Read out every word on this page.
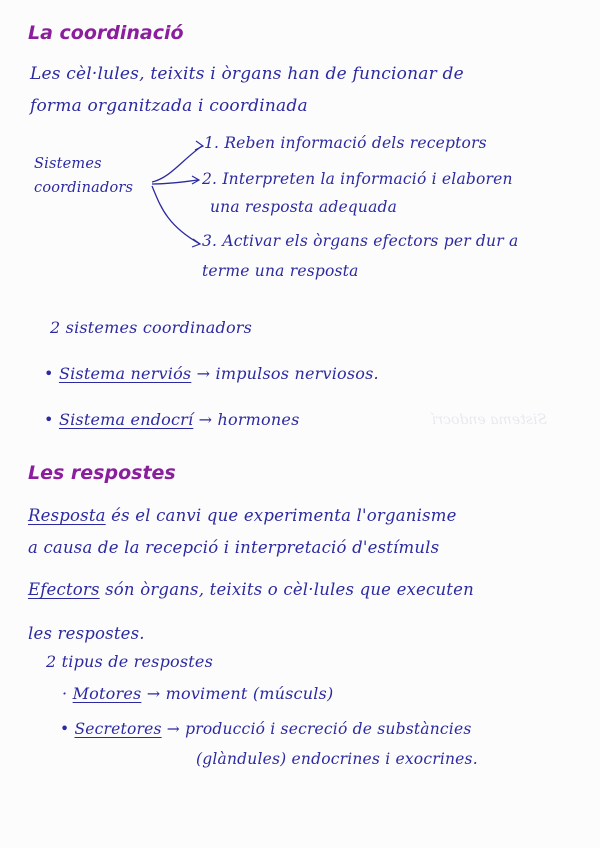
La coordinació
Les cèl·lules, teixits i òrgans han de funcionar de
forma organitzada i coordinada
Sistemes
coordinadors
1. Reben informació dels receptors
2. Interpreten la informació i elaboren
una resposta adequada
3. Activar els òrgans efectors per dur a
terme una resposta
2 sistemes coordinadors
• Sistema nerviós → impulsos nerviosos.
• Sistema endocrí → hormones	Sistema endocrí
Les respostes
Resposta és el canvi que experimenta l'organisme
a causa de la recepció i interpretació d'estímuls
Efectors són òrgans, teixits o cèl·lules que executen
les respostes.
2 tipus de respostes
· Motores → moviment (músculs)
• Secretores → producció i secreció de substàncies
(glàndules) endocrines i exocrines.
